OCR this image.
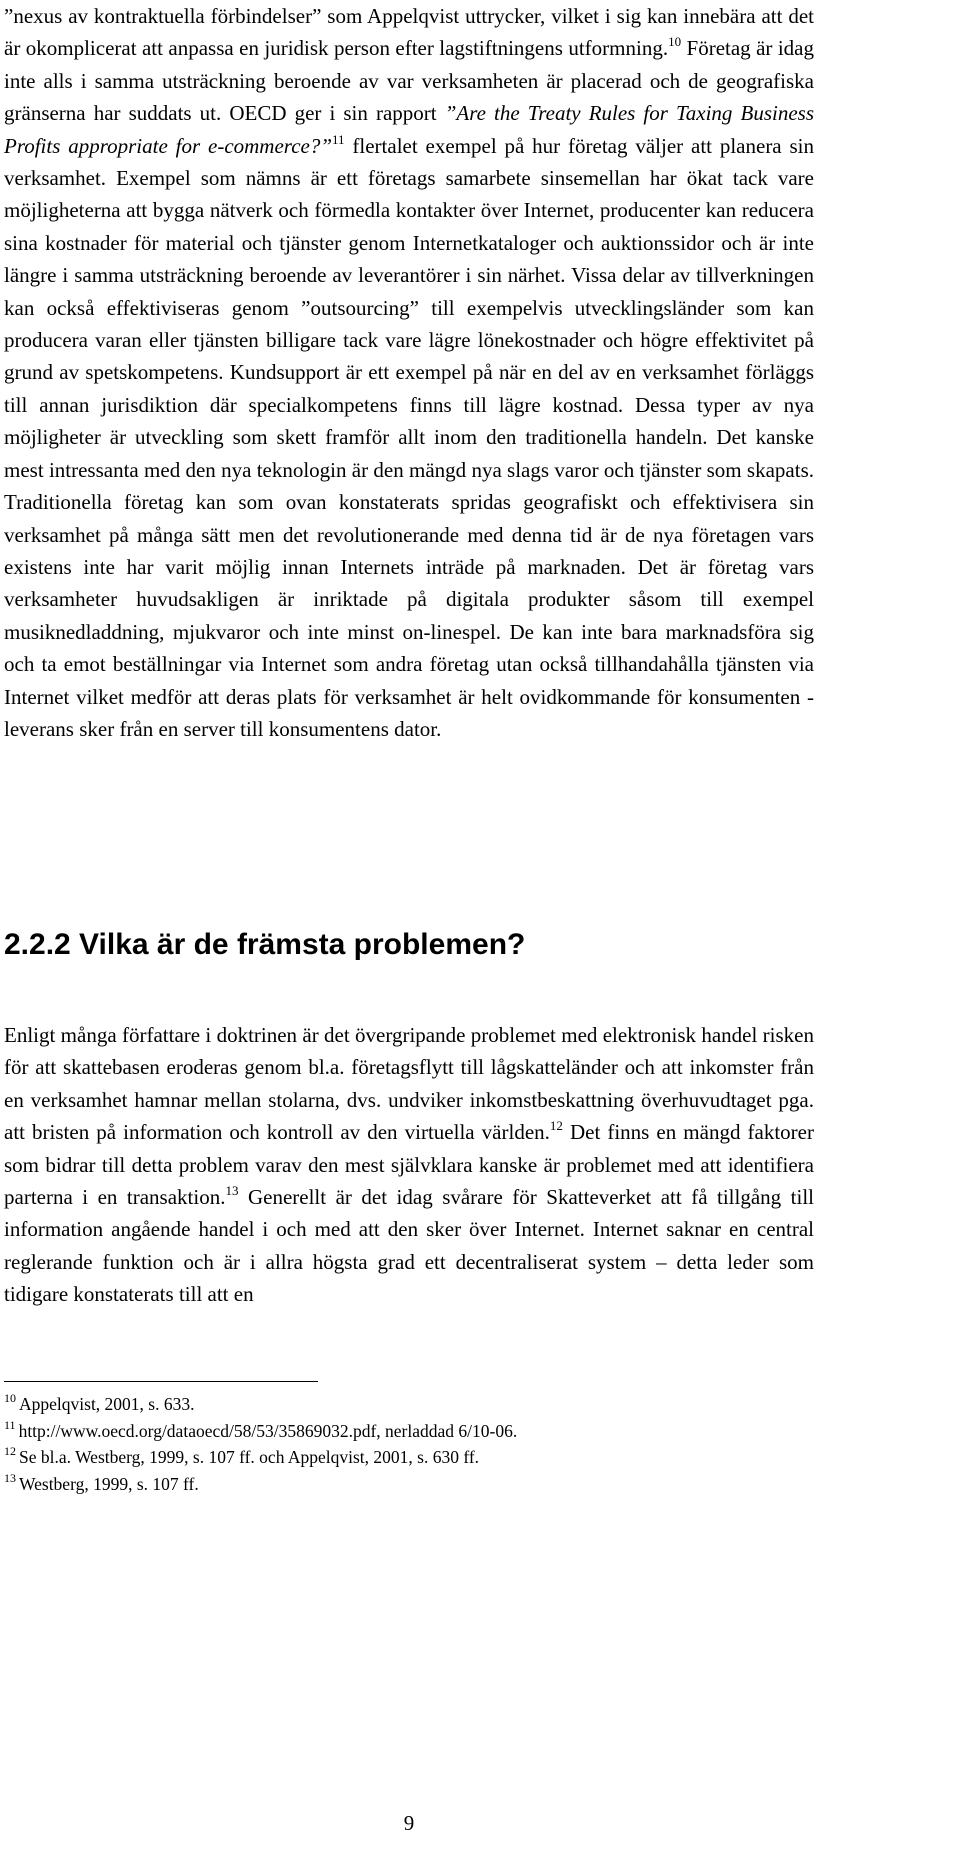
”nexus av kontraktuella förbindelser” som Appelqvist uttrycker, vilket i sig kan innebära att det är okomplicerat att anpassa en juridisk person efter lagstiftningens utformning.$^{10}$ Företag är idag inte alls i samma utsträckning beroende av var verksamheten är placerad och de geografiska gränserna har suddats ut. OECD ger i sin rapport ”Are the Treaty Rules for Taxing Business Profits appropriate for e-commerce?”$^{11}$ flertalet exempel på hur företag väljer att planera sin verksamhet. Exempel som nämns är ett företags samarbete sinsemellan har ökat tack vare möjligheterna att bygga nätverk och förmedla kontakter över Internet, producenter kan reducera sina kostnader för material och tjänster genom Internetkataloger och auktionssidor och är inte längre i samma utsträckning beroende av leverantörer i sin närhet. Vissa delar av tillverkningen kan också effektiviseras genom ”outsourcing” till exempelvis utvecklingsländer som kan producera varan eller tjänsten billigare tack vare lägre lönekostnader och högre effektivitet på grund av spetskompetens. Kundsupport är ett exempel på när en del av en verksamhet förläggs till annan jurisdiktion där specialkompetens finns till lägre kostnad. Dessa typer av nya möjligheter är utveckling som skett framför allt inom den traditionella handeln. Det kanske mest intressanta med den nya teknologin är den mängd nya slags varor och tjänster som skapats. Traditionella företag kan som ovan konstaterats spridas geografiskt och effektivisera sin verksamhet på många sätt men det revolutionerande med denna tid är de nya företagen vars existens inte har varit möjlig innan Internets inträde på marknaden. Det är företag vars verksamheter huvudsakligen är inriktade på digitala produkter såsom till exempel musiknedladdning, mjukvaror och inte minst on-linespel. De kan inte bara marknadsföra sig och ta emot beställningar via Internet som andra företag utan också tillhandahålla tjänsten via Internet vilket medför att deras plats för verksamhet är helt ovidkommande för konsumenten - leverans sker från en server till konsumentens dator.

2.2.2 Vilka är de främsta problemen?

Enligt många författare i doktrinen är det övergripande problemet med elektronisk handel risken för att skattebasen eroderas genom bl.a. företagsflytt till lågskatteländer och att inkomster från en verksamhet hamnar mellan stolarna, dvs. undviker inkomstbeskattning överhuvudtaget pga. att bristen på information och kontroll av den virtuella världen.$^{12}$ Det finns en mängd faktorer som bidrar till detta problem varav den mest självklara kanske är problemet med att identifiera parterna i en transaktion.$^{13}$ Generellt är det idag svårare för Skatteverket att få tillgång till information angående handel i och med att den sker över Internet. Internet saknar en central reglerande funktion och är i allra högsta grad ett decentraliserat system – detta leder som tidigare konstaterats till att en

$^{10}$ Appelqvist, 2001, s. 633.
$^{11}$ http://www.oecd.org/dataoecd/58/53/35869032.pdf, nerladdad 6/10-06.
$^{12}$ Se bl.a. Westberg, 1999, s. 107 ff. och Appelqvist, 2001, s. 630 ff.
$^{13}$ Westberg, 1999, s. 107 ff.
9
